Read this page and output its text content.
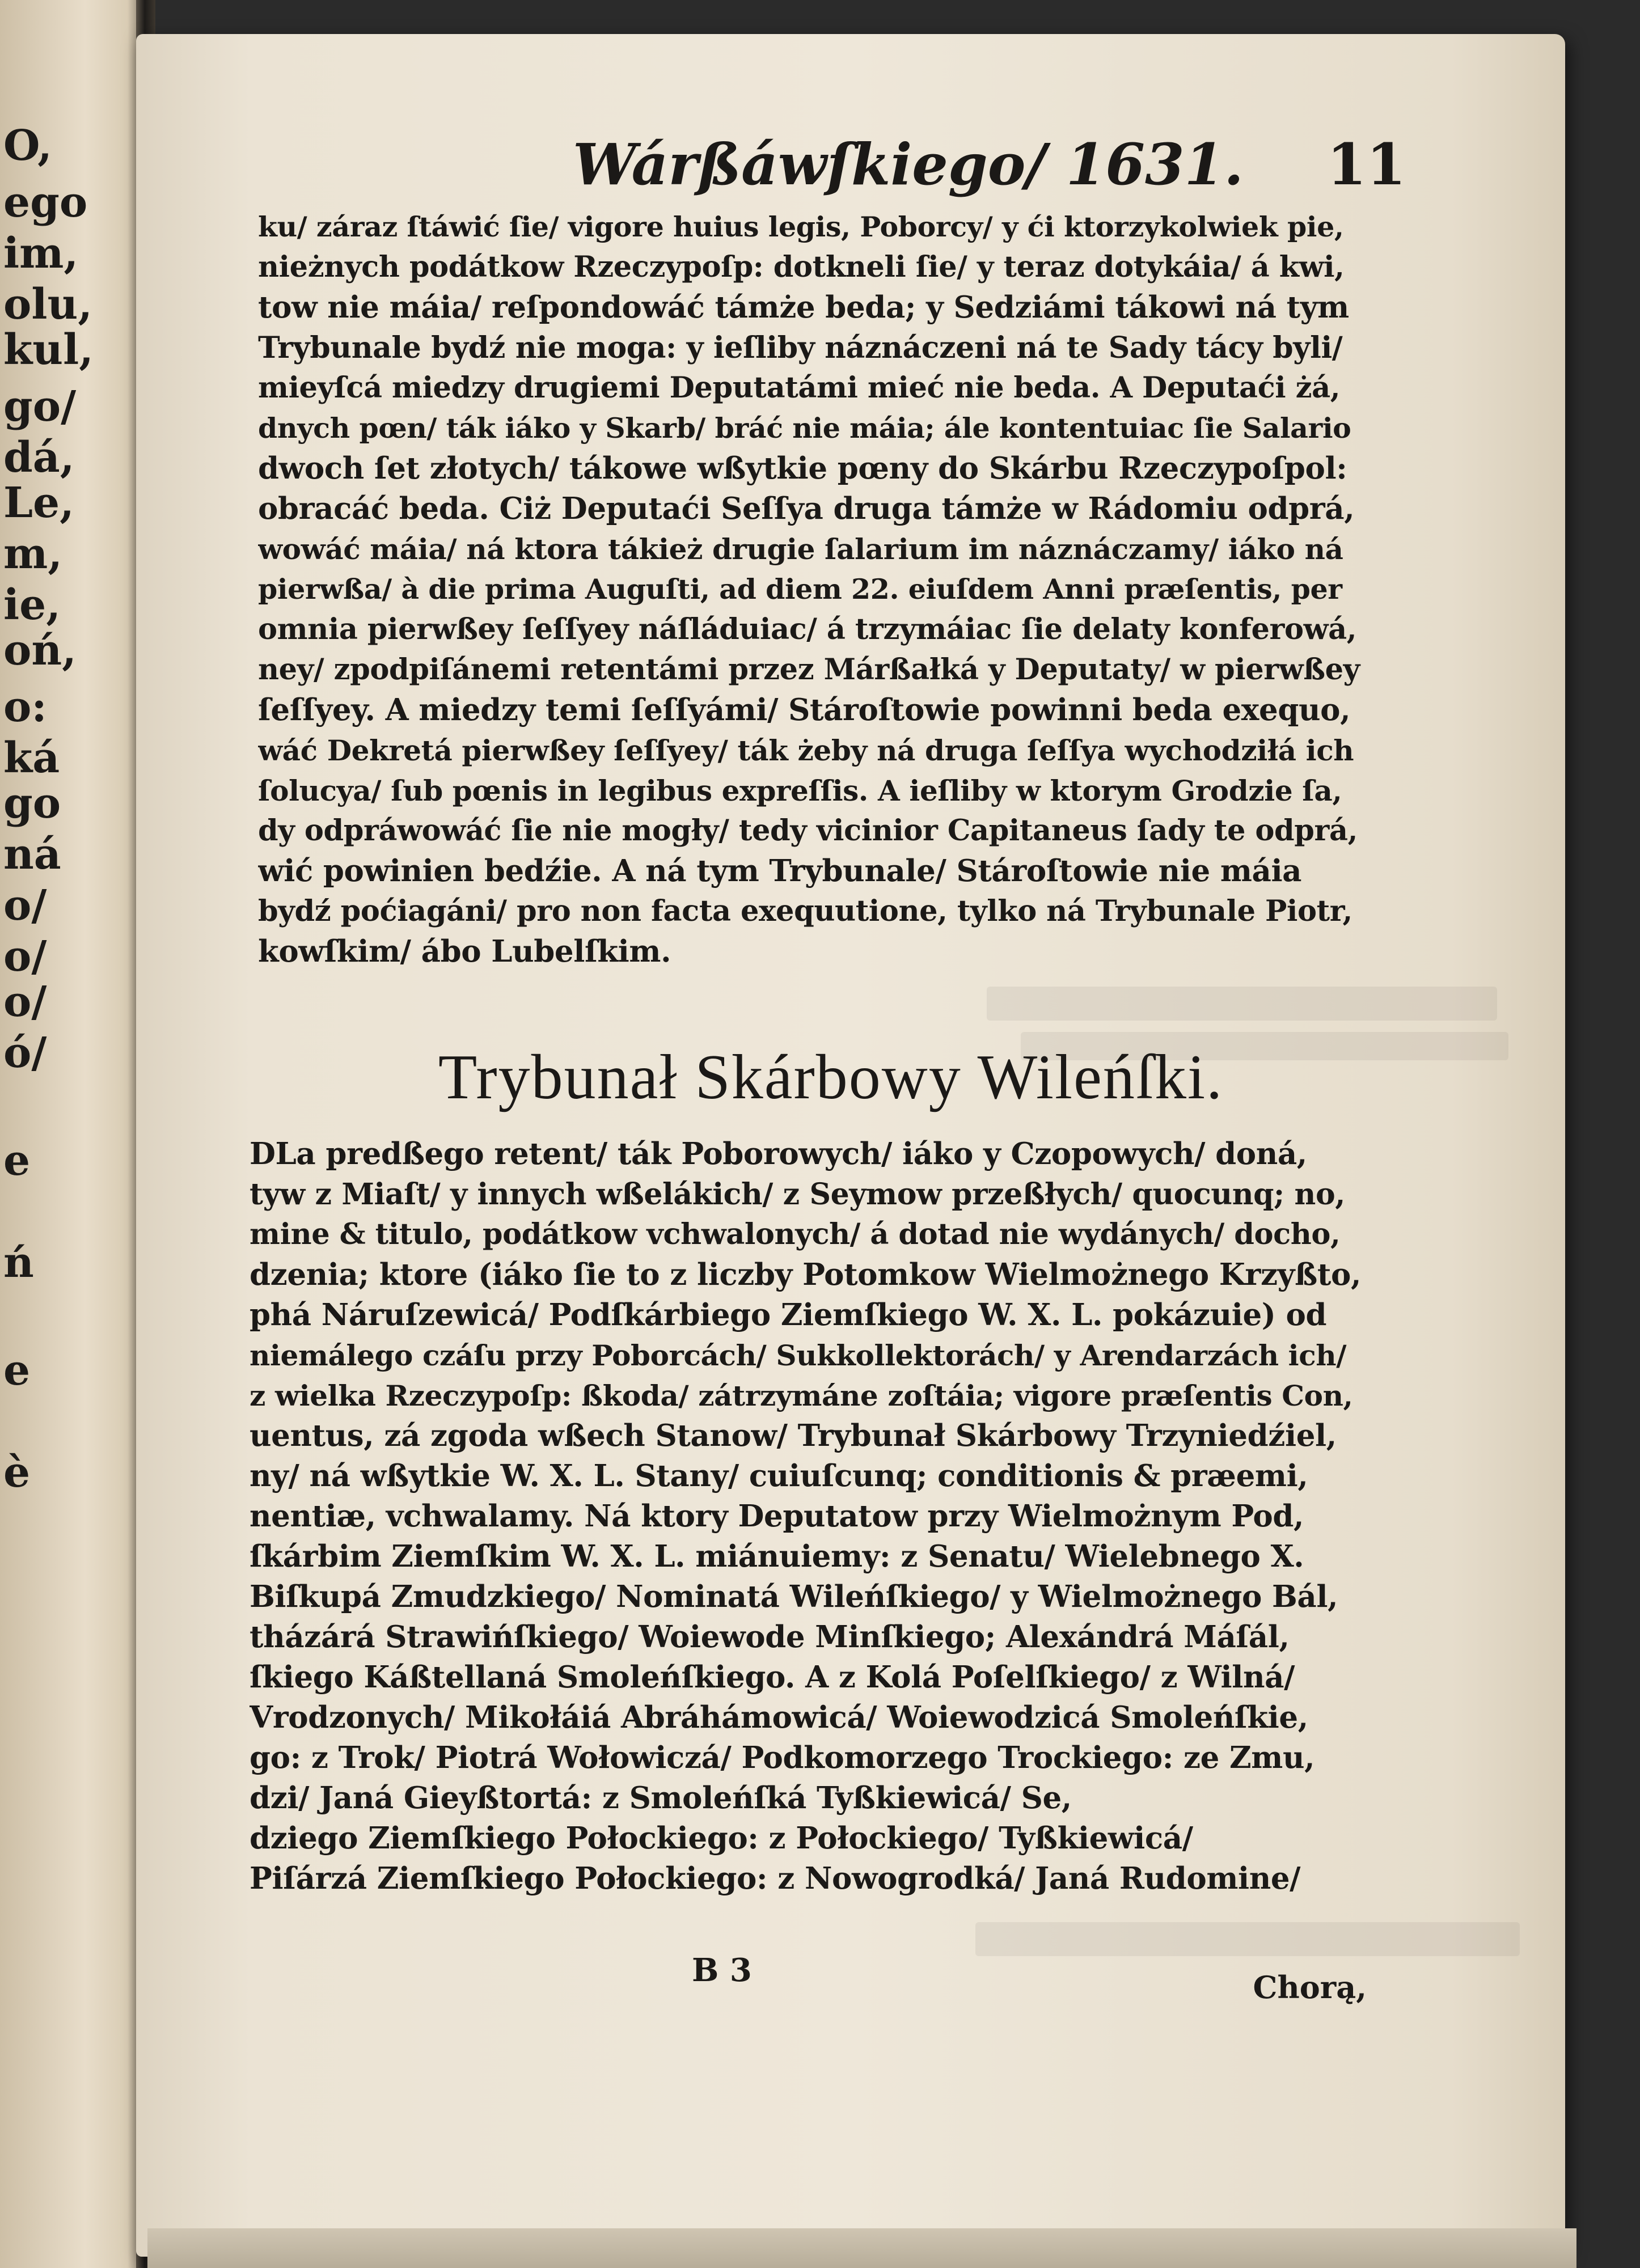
O,
ego
im,
olu,
kul,
go/
dá,
Le,
m,
ie,
oń,
o:
ká
go
ná
o/
o/
o/
ó/
e
ń
e
è
Wárßáwſkiego/ 1631. 11
ku/ záraz ſtáwić ſie/ vigore huius legis, Poborcy/ y ći ktorzykolwiek pie,
nieżnych podátkow Rzeczypoſp: dotkneli ſie/ y teraz dotykáia/ á kwi,
tow nie máia/ reſpondowáć támże beda; y Sedziámi tákowi ná tym
Trybunale bydź nie moga: y ieſliby náznáczeni ná te Sady tácy byli/
mieyſcá miedzy drugiemi Deputatámi mieć nie beda. A Deputaći żá,
dnych pœn/ ták iáko y Skarb/ bráć nie máia; ále kontentuiac ſie Salario
dwoch ſet złotych/ tákowe wßytkie pœny do Skárbu Rzeczypoſpol:
obracáć beda. Ciż Deputaći Seſſya druga támże w Rádomiu odprá,
wowáć máia/ ná ktora tákież drugie ſalarium im náznáczamy/ iáko ná
pierwßa/ à die prima Auguſti, ad diem 22. eiuſdem Anni præſentis, per
omnia pierwßey ſeſſyey náſláduiac/ á trzymáiac ſie delaty konferowá,
ney/ zpodpiſánemi retentámi przez Márßałká y Deputaty/ w pierwßey
ſeſſyey. A miedzy temi ſeſſyámi/ Stároſtowie powinni beda exequo,
wáć Dekretá pierwßey ſeſſyey/ ták żeby ná druga ſeſſya wychodziłá ich
ſolucya/ ſub pœnis in legibus expreſſis. A ieſliby w ktorym Grodzie ſa,
dy odpráwowáć ſie nie mogły/ tedy vicinior Capitaneus ſady te odprá,
wić powinien bedźie. A ná tym Trybunale/ Stároſtowie nie máia
bydź poćiagáni/ pro non facta exequutione, tylko ná Trybunale Piotr,
kowſkim/ ábo Lubelſkim.
Trybunał Skárbowy Wileńſki.
DLa predßego retent/ ták Poborowych/ iáko y Czopowych/ doná,
tyw z Miaſt/ y innych wßelákich/ z Seymow przeßłych/ quocunq; no,
mine & titulo, podátkow vchwalonych/ á dotad nie wydánych/ docho,
dzenia; ktore (iáko ſie to z liczby Potomkow Wielmożnego Krzyßto,
phá Náruſzewicá/ Podſkárbiego Ziemſkiego W. X. L. pokázuie) od
niemálego czáſu przy Poborcách/ Sukkollektorách/ y Arendarzách ich/
z wielka Rzeczypoſp: ßkoda/ zátrzymáne zoſtáia; vigore præſentis Con,
uentus, zá zgoda wßech Stanow/ Trybunał Skárbowy Trzyniedźiel,
ny/ ná wßytkie W. X. L. Stany/ cuiuſcunq; conditionis & præemi,
nentiæ, vchwalamy. Ná ktory Deputatow przy Wielmożnym Pod,
ſkárbim Ziemſkim W. X. L. miánuiemy: z Senatu/ Wielebnego X.
Biſkupá Zmudzkiego/ Nominatá Wileńſkiego/ y Wielmożnego Bál,
tházárá Strawińſkiego/ Woiewode Minſkiego; Alexándrá Máſál,
ſkiego Káßtellaná Smoleńſkiego. A z Kolá Poſelſkiego/ z Wilná/
Vrodzonych/ Mikołáiá Abráhámowicá/ Woiewodzicá Smoleńſkie,
go: z Trok/ Piotrá Wołowiczá/ Podkomorzego Trockiego: ze Zmu,
dzi/ Janá Gieyßtortá: z Smoleńſká Tyßkiewicá/ Se,
dziego Ziemſkiego Połockiego: z Połockiego/ Tyßkiewicá/
Piſárzá Ziemſkiego Połockiego: z Nowogrodká/ Janá Rudomine/
B 3	Chorą,
